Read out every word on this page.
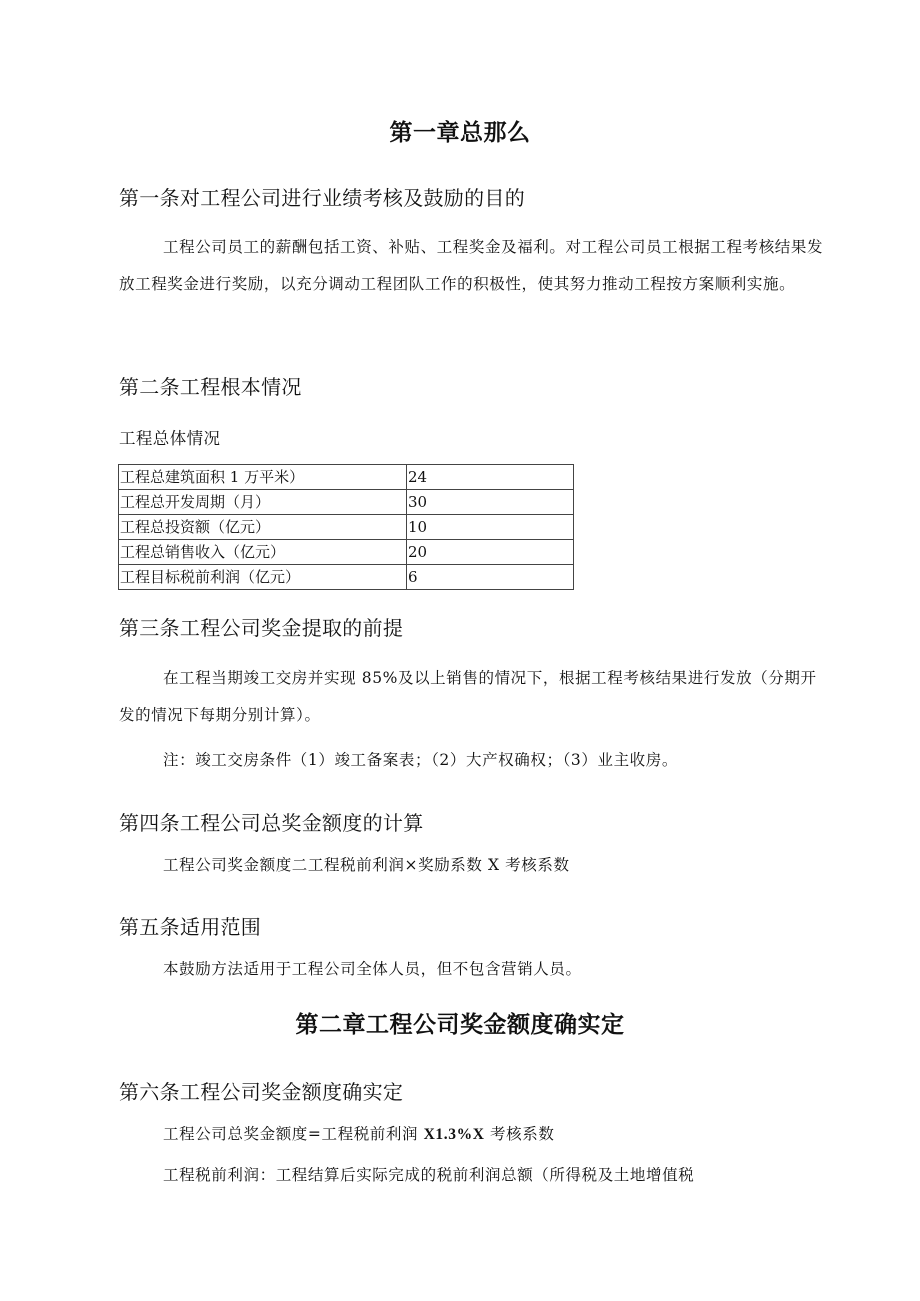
第一章总那么
第一条对工程公司进行业绩考核及鼓励的目的

工程公司员工的薪酬包括工资、补贴、工程奖金及福利。对工程公司员工根据工程考核结果发放工程奖金进行奖励，以充分调动工程团队工作的积极性，使其努力推动工程按方案顺利实施。

第二条工程根本情况

工程总体情况

工程总建筑面积 1 万平米）	24
工程总开发周期（月）	30
工程总投资额（亿元）	10
工程总销售收入（亿元）	20
工程目标税前利润（亿元）	6
第三条工程公司奖金提取的前提

在工程当期竣工交房并实现 85%及以上销售的情况下，根据工程考核结果进行发放（分期开发的情况下每期分别计算）。

注：竣工交房条件（1）竣工备案表；（2）大产权确权；（3）业主收房。

第四条工程公司总奖金额度的计算

工程公司奖金额度二工程税前利润×奖励系数 X 考核系数

第五条适用范围

本鼓励方法适用于工程公司全体人员，但不包含营销人员。

第二章工程公司奖金额度确实定
第六条工程公司奖金额度确实定

工程公司总奖金额度=工程税前利润 X1.3%X 考核系数

工程税前利润：工程结算后实际完成的税前利润总额（所得税及土地增值税
